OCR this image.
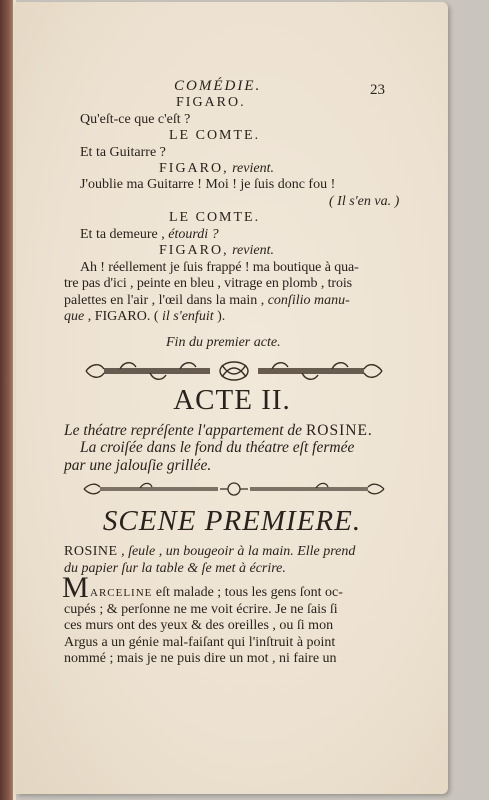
COMÉDIE.	23
FIGARO.
Qu'eſt-ce que c'eſt ?
LE COMTE.
Et ta Guitarre ?
FIGARO, revient.
J'oublie ma Guitarre ! Moi ! je ſuis donc fou !
( Il s'en va. )
LE COMTE.
Et ta demeure , étourdi ?
FIGARO, revient.
Ah ! réellement je ſuis frappé ! ma boutique à qua-
tre pas d'ici , peinte en bleu , vitrage en plomb , trois
palettes en l'air , l'œil dans la main , conſilio manu-
que , FIGARO. ( il s'enfuit ).
Fin du premier acte.
ACTE II.
Le théatre repréſente l'appartement de ROSINE.
La croiſée dans le fond du théatre eſt fermée
par une jalouſie grillée.
SCENE PREMIERE.
ROSINE , ſeule , un bougeoir à la main. Elle prend
du papier ſur la table & ſe met à écrire.
M ARCELINE eſt malade ; tous les gens ſont oc-
cupés ; & perſonne ne me voit écrire. Je ne ſais ſi
ces murs ont des yeux & des oreilles , ou ſi mon
Argus a un génie mal-faiſant qui l'inſtruit à point
nommé ; mais je ne puis dire un mot , ni faire un
